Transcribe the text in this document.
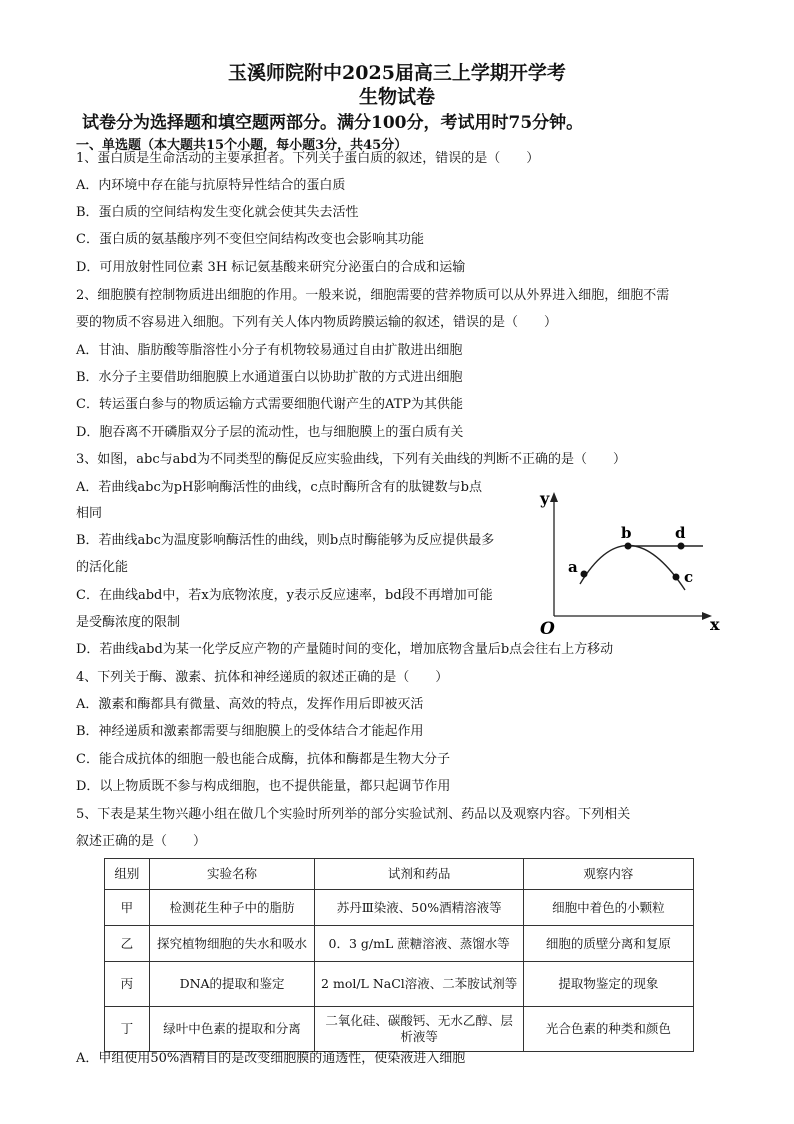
玉溪师院附中2025届高三上学期开学考
生物试卷
试卷分为选择题和填空题两部分。满分100分，考试用时75分钟。
一、单选题（本大题共15个小题，每小题3分，共45分）
1、蛋白质是生命活动的主要承担者。下列关于蛋白质的叙述，错误的是（　　）
A．内环境中存在能与抗原特异性结合的蛋白质
B．蛋白质的空间结构发生变化就会使其失去活性
C．蛋白质的氨基酸序列不变但空间结构改变也会影响其功能
D．可用放射性同位素 3H 标记氨基酸来研究分泌蛋白的合成和运输
2、细胞膜有控制物质进出细胞的作用。一般来说，细胞需要的营养物质可以从外界进入细胞，细胞不需
要的物质不容易进入细胞。下列有关人体内物质跨膜运输的叙述，错误的是（　　）
A．甘油、脂肪酸等脂溶性小分子有机物较易通过自由扩散进出细胞
B．水分子主要借助细胞膜上水通道蛋白以协助扩散的方式进出细胞
C．转运蛋白参与的物质运输方式需要细胞代谢产生的ATP为其供能
D．胞吞离不开磷脂双分子层的流动性，也与细胞膜上的蛋白质有关
3、如图，abc与abd为不同类型的酶促反应实验曲线，下列有关曲线的判断不正确的是（　　）
A．若曲线abc为pH影响酶活性的曲线，c点时酶所含有的肽键数与b点
相同
B．若曲线abc为温度影响酶活性的曲线，则b点时酶能够为反应提供最多
的活化能
C．在曲线abd中，若x为底物浓度，y表示反应速率，bd段不再增加可能
是受酶浓度的限制
D．若曲线abd为某一化学反应产物的产量随时间的变化，增加底物含量后b点会往右上方移动
y
x
O
a
b	d
c
4、下列关于酶、激素、抗体和神经递质的叙述正确的是（　　）
A．激素和酶都具有微量、高效的特点，发挥作用后即被灭活
B．神经递质和激素都需要与细胞膜上的受体结合才能起作用
C．能合成抗体的细胞一般也能合成酶，抗体和酶都是生物大分子
D．以上物质既不参与构成细胞，也不提供能量，都只起调节作用
5、下表是某生物兴趣小组在做几个实验时所列举的部分实验试剂、药品以及观察内容。下列相关
叙述正确的是（　　）
组别	实验名称	试剂和药品	观察内容
甲	检测花生种子中的脂肪	苏丹Ⅲ染液、50%酒精溶液等	细胞中着色的小颗粒
乙	探究植物细胞的失水和吸水	0．3 g/mL 蔗糖溶液、蒸馏水等	细胞的质壁分离和复原
丙	DNA的提取和鉴定	2 mol/L NaCl溶液、二苯胺试剂等	提取物鉴定的现象
丁	绿叶中色素的提取和分离	二氧化硅、碳酸钙、无水乙醇、层析液等	光合色素的种类和颜色
A．甲组使用50%酒精目的是改变细胞膜的通透性，使染液进入细胞
